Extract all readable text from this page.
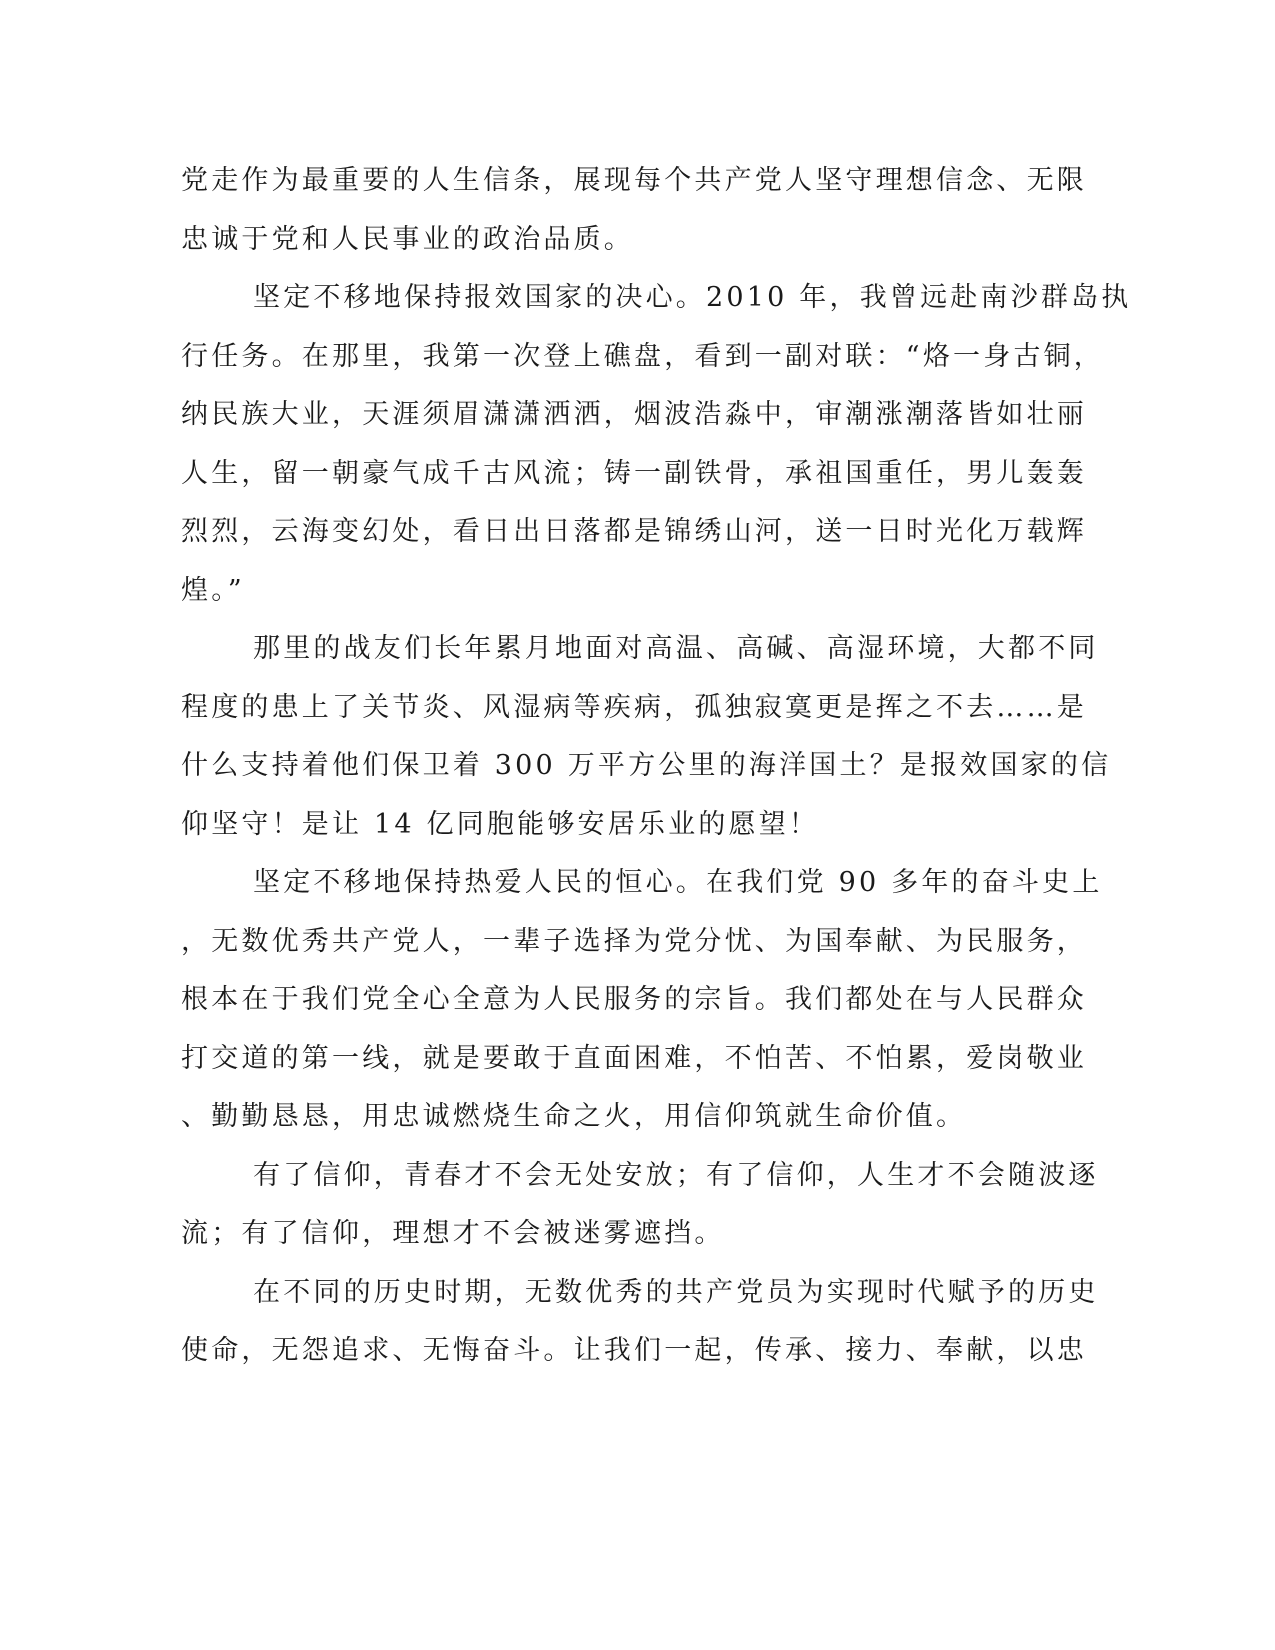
党走作为最重要的人生信条，展现每个共产党人坚守理想信念、无限
忠诚于党和人民事业的政治品质。
坚定不移地保持报效国家的决心。2010 年，我曾远赴南沙群岛执
行任务。在那里，我第一次登上礁盘，看到一副对联：“烙一身古铜，
纳民族大业，天涯须眉潇潇洒洒，烟波浩淼中，审潮涨潮落皆如壮丽
人生，留一朝豪气成千古风流；铸一副铁骨，承祖国重任，男儿轰轰
烈烈，云海变幻处，看日出日落都是锦绣山河，送一日时光化万载辉
煌。”
那里的战友们长年累月地面对高温、高碱、高湿环境，大都不同
程度的患上了关节炎、风湿病等疾病，孤独寂寞更是挥之不去……是
什么支持着他们保卫着 300 万平方公里的海洋国土？是报效国家的信
仰坚守！是让 14 亿同胞能够安居乐业的愿望！
坚定不移地保持热爱人民的恒心。在我们党 90 多年的奋斗史上
，无数优秀共产党人，一辈子选择为党分忧、为国奉献、为民服务，
根本在于我们党全心全意为人民服务的宗旨。我们都处在与人民群众
打交道的第一线，就是要敢于直面困难，不怕苦、不怕累，爱岗敬业
、勤勤恳恳，用忠诚燃烧生命之火，用信仰筑就生命价值。
有了信仰，青春才不会无处安放；有了信仰，人生才不会随波逐
流；有了信仰，理想才不会被迷雾遮挡。
在不同的历史时期，无数优秀的共产党员为实现时代赋予的历史
使命，无怨追求、无悔奋斗。让我们一起，传承、接力、奉献，以忠
